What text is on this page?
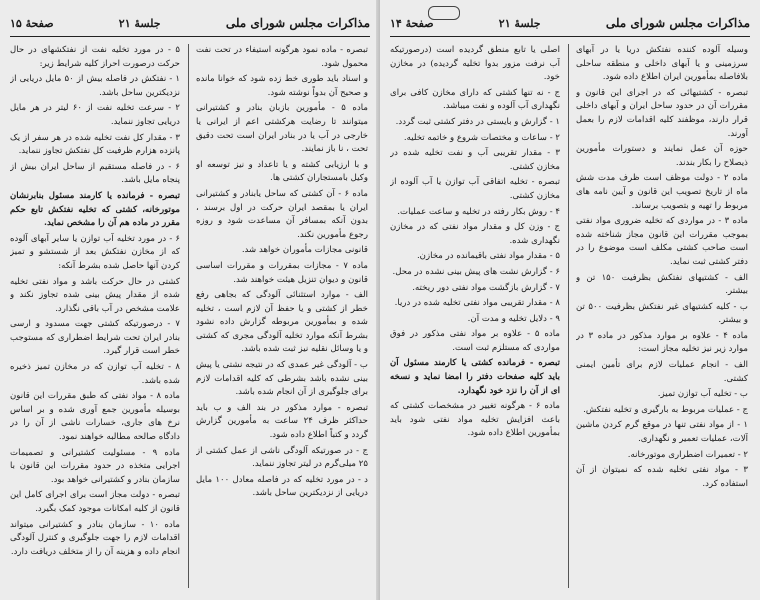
مذاکرات مجلس شورای ملی
جلسهٔ ۲۱
صفحهٔ ۱۵

تبصره - ماده نمود هرگونه استیفاء در تحت نفت محمول شود.

و اسناد باید طوری خط زده شود که خوانا مانده و صحیح آن بدواً نوشته شود.

ماده ۵ - مأمورین بازبان بنادر و کشتیرانی میتوانند تا رضایت هرکشتی اعم از ایرانی یا خارجی در آب یا در بنادر ایران است تحت دقیق تحت ، نا باز نمایند.

و با ارزیابی کشته و یا تاعداد و نیز توسعه او وکیل بامستجاران کشتی ها.

ماده ۶ - آن کشتی که ساحل یابنادر و کشتیرانی ایران یا بمقصد ایران حرکت در اول برسند ، بدون آنکه بمسافر آن مساعدت شود و روزه رجوع مأمورین نکند.

قانونی مجازات مأموران خواهد شد.

ماده ۷ - مجازات بمقررات و مقررات اساسی قانون و دیوان تنزیل هیئت خواهند شد.

الف - موارد استثنائی آلودگی که بجاهی رفع خطر از کشتی و یا حفظ آن لازم است ، تخلیه شده و بمأمورین مربوطه گزارش داده نشود بشرط آنکه موارد تخلیه آلودگی مجری که کشتی و یا وسائل نقلیه نیز ثبت شده باشد.

ب - آلودگی غیر عمدی که در نتیجه نشتی یا پیش بینی نشده باشد بشرطی که کلیه اقدامات لازم برای جلوگیری از آن انجام شده باشد.

تبصره - موارد مذکور در بند الف و ب باید حداکثر ظرف ۲۴ ساعت به مأمورین گزارش گردد و کتباً اطلاع داده شود.

ج - در صورتیکه آلودگی ناشی از عمل کشتی از ۲۵ میلی‌گرم در لیتر تجاوز ننماید.

د - در مورد تخلیه که در فاصله معادل ۱۰۰ مایل دریایی از نزدیکترین ساحل باشد.

۵ - در مورد تخلیه نفت از نفتکشهای در حال حرکت درصورت احراز کلیه شرایط زیر:

۱ - نفتکش در فاصله بیش از ۵۰ مایل دریایی از نزدیکترین ساحل باشد.

۲ - سرعت تخلیه نفت از ۶۰ لیتر در هر مایل دریایی تجاوز ننماید.

۳ - مقدار کل نفت تخلیه شده در هر سفر از یک پانزده هزارم ظرفیت کل نفتکش تجاوز ننماید.

۶ - در فاصله مستقیم از ساحل ایران بیش از پنجاه مایل باشد.

تبصره - فرمانده یا کارمند مسئول بنابرنشان موتورخانه، کشتی که تخلیه نفتکش تابع حکم مقرر در ماده هم آن را مشخص نماید.

۶ - در مورد تخلیه آب توازن یا سایر آبهای آلوده که از مخازن نفتکش بعد از شستشو و تمیز کردن آنها حاصل شده بشرط آنکه:

کشتی در حال حرکت باشد و مواد نفتی تخلیه شده از مقدار پیش بینی شده تجاوز نکند و علامت مشخص در آب باقی نگذارد.

۷ - درصورتیکه کشتی جهت مسدود و ارسی بنادر ایران تحت شرایط اضطراری که مستوجب خطر است قرار گیرد.

۸ - تخلیه آب توازن که در مخازن تمیز ذخیره شده باشد.

ماده ۸ - مواد نفتی که طبق مقررات این قانون بوسیله مأمورین جمع آوری شده و بر اساس نرخ های جاری، خسارات ناشی از آن را در دادگاه صالحه مطالبه خواهند نمود.

ماده ۹ - مسئولیت کشتیرانی و تصمیمات اجرایی متخذه در حدود مقررات این قانون با سازمان بنادر و کشتیرانی خواهد بود.

تبصره - دولت مجاز است برای اجرای کامل این قانون از کلیه امکانات موجود کمک بگیرد.

ماده ۱۰ - سازمان بنادر و کشتیرانی میتواند اقدامات لازم را جهت جلوگیری و کنترل آلودگی انجام داده و هزینه آن را از متخلف دریافت دارد.

مذاکرات مجلس شورای ملی
جلسهٔ ۲۱
صفحهٔ ۱۴

وسیله آلوده کننده نفتکش دریا یا در آبهای سرزمینی و یا آبهای داخلی و منطقه ساحلی بلافاصله بمأمورین ایران اطلاع داده شود.

تبصره - کشتیهائی که در اجرای این قانون و مقررات آن در حدود ساحل ایران و آبهای داخلی قرار دارند، موظفند کلیه اقدامات لازم را بعمل آورند.

حوزه آن عمل نمایند و دستورات مأمورین ذیصلاح را بکار بندند.

ماده ۲ - دولت موظف است ظرف مدت شش ماه از تاریخ تصویب این قانون و آیین نامه های مربوط را تهیه و بتصویب برساند.

ماده ۳ - در مواردی که تخلیه ضروری مواد نفتی بموجب مقررات این قانون مجاز شناخته شده است صاحب کشتی مکلف است موضوع را در دفتر کشتی ثبت نماید.

الف - کشتیهای نفتکش بظرفیت ۱۵۰ تن و بیشتر.

ب - کلیه کشتیهای غیر نفتکش بظرفیت ۵۰۰ تن و بیشتر.

ماده ۴ - علاوه بر موارد مذکور در ماده ۳ در موارد زیر نیز تخلیه مجاز است:

الف - انجام عملیات لازم برای تأمین ایمنی کشتی.

ب - تخلیه آب توازن تمیز.

ج - عملیات مربوط به بارگیری و تخلیه نفتکش.

۱ - از مواد نفتی تنها در موقع گرم کردن ماشین آلات، عملیات تعمیر و نگهداری.

۲ - تعمیرات اضطراری موتورخانه.

۳ - مواد نفتی تخلیه شده که نمیتوان از آن استفاده کرد.

اصلی یا تابع منطق گردیده است (درصورتیکه آب نرفت مزور بدوا تخلیه گردیده) در مخازن خود.

ج - نه تنها کشتی که دارای مخازن کافی برای نگهداری آب آلوده و نفت میباشد.

۱ - گزارش و بایستی در دفتر کشتی ثبت گردد.

۲ - ساعات و مختصات شروع و خاتمه تخلیه.

۳ - مقدار تقریبی آب و نفت تخلیه شده در مخازن کشتی.

تبصره - تخلیه اتفاقی آب توازن یا آب آلوده از مخازن کشتی.

۴ - روش بکار رفته در تخلیه و ساعت عملیات.

ج - وزن کل و مقدار مواد نفتی که در مخازن نگهداری شده.

۵ - مقدار مواد نفتی باقیمانده در مخازن.

۶ - گزارش نشت های پیش بینی نشده در محل.

۷ - گزارش بازگشت مواد نفتی دور ریخته.

۸ - مقدار تقریبی مواد نفتی تخلیه شده در دریا.

۹ - دلایل تخلیه و مدت آن.

ماده ۵ - علاوه بر مواد نفتی مذکور در فوق مواردی که مستلزم ثبت است.

تبصره - فرمانده کشتی یا کارمند مسئول آن باید کلیه صفحات دفتر را امضا نماید و نسخه ای از آن را نزد خود نگهدارد.

ماده ۶ - هرگونه تغییر در مشخصات کشتی که باعث افزایش تخلیه مواد نفتی شود باید بمأمورین اطلاع داده شود.
